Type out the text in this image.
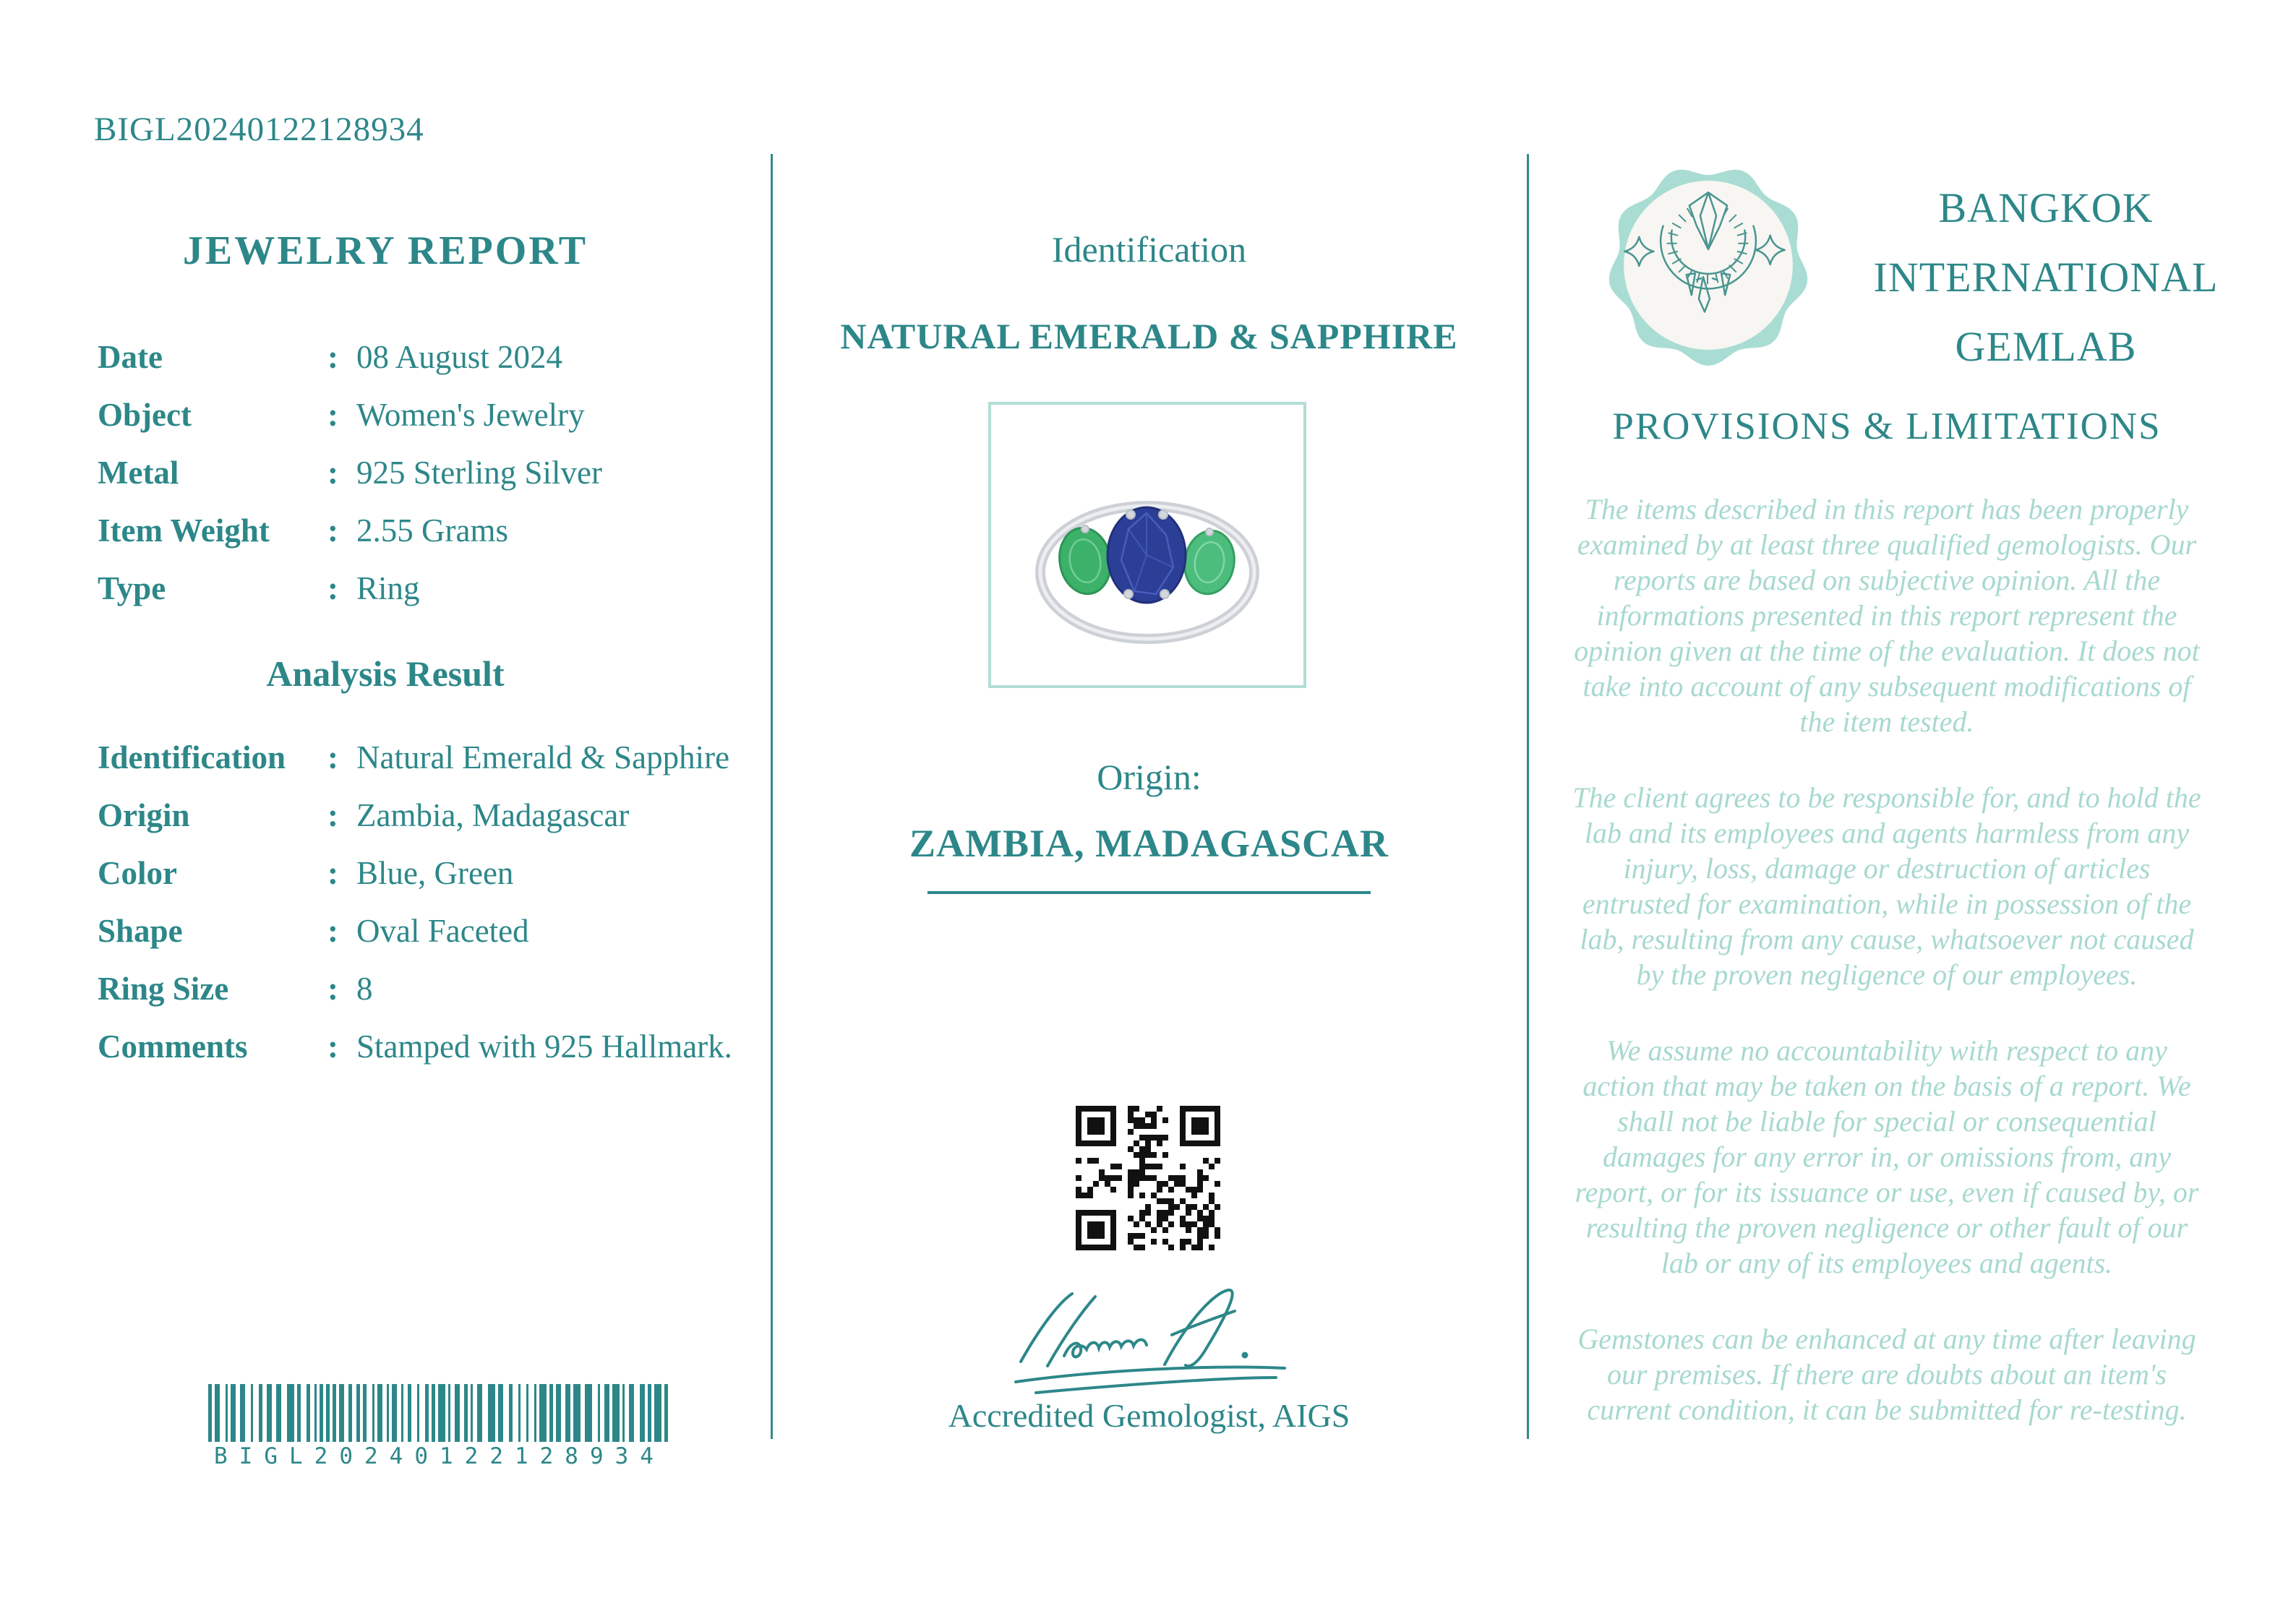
BIGL20240122128934
JEWELRY REPORT
Date	: 08 August 2024
Object	: Women's Jewelry
Metal	: 925 Sterling Silver
Item Weight	: 2.55 Grams
Type	: Ring
Analysis Result
Identification	: Natural Emerald & Sapphire
Origin	: Zambia, Madagascar
Color	: Blue, Green
Shape	: Oval Faceted
Ring Size	: 8
Comments	: Stamped with 925 Hallmark.
BIGL20240122128934
Identification
NATURAL EMERALD & SAPPHIRE
Origin:
ZAMBIA, MADAGASCAR
Accredited Gemologist, AIGS
BANGKOK
INTERNATIONAL
GEMLAB
PROVISIONS & LIMITATIONS

The items described in this report has been properly examined by at least three qualified gemologists. Our reports are based on subjective opinion. All the informations presented in this report represent the opinion given at the time of the evaluation. It does not take into account of any subsequent modifications of the item tested.

The client agrees to be responsible for, and to hold the lab and its employees and agents harmless from any injury, loss, damage or destruction of articles entrusted for examination, while in possession of the lab, resulting from any cause, whatsoever not caused by the proven negligence of our employees.

We assume no accountability with respect to any action that may be taken on the basis of a report. We shall not be liable for special or consequential damages for any error in, or omissions from, any report, or for its issuance or use, even if caused by, or resulting the proven negligence or other fault of our lab or any of its employees and agents.

Gemstones can be enhanced at any time after leaving our premises. If there are doubts about an item's current condition, it can be submitted for re-testing.
